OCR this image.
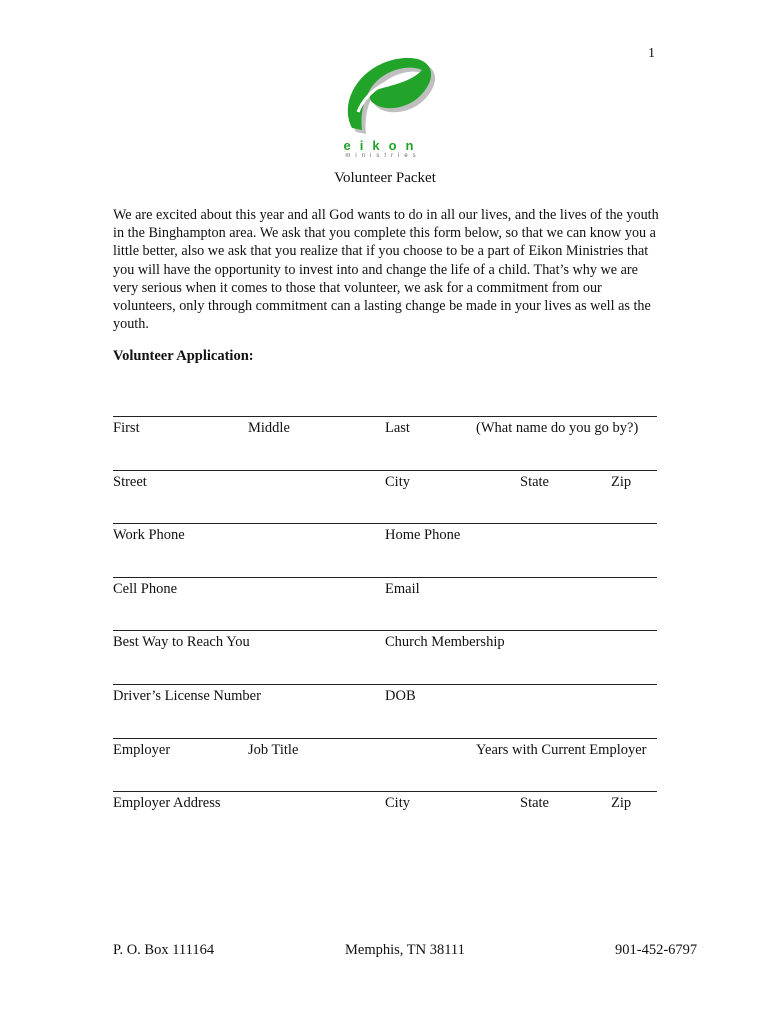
1
eikon
ministries
Volunteer Packet

We are excited about this year and all God wants to do in all our lives, and the lives of the youth in the Binghampton area. We ask that you complete this form below, so that we can know you a little better, also we ask that you realize that if you choose to be a part of Eikon Ministries that you will have the opportunity to invest into and change the life of a child. That’s why we are very serious when it comes to those that volunteer, we ask for a commitment from our volunteers, only through commitment can a lasting change be made in your lives as well as the youth.

Volunteer Application:
First	Middle	Last	(What name do you go by?)
Street	City	State	Zip
Work Phone	Home Phone
Cell Phone	Email
Best Way to Reach You	Church Membership
Driver’s License Number	DOB
Employer	Job Title	Years with Current Employer
Employer Address	City	State	Zip
P. O. Box 111164	Memphis, TN 38111	901-452-6797
